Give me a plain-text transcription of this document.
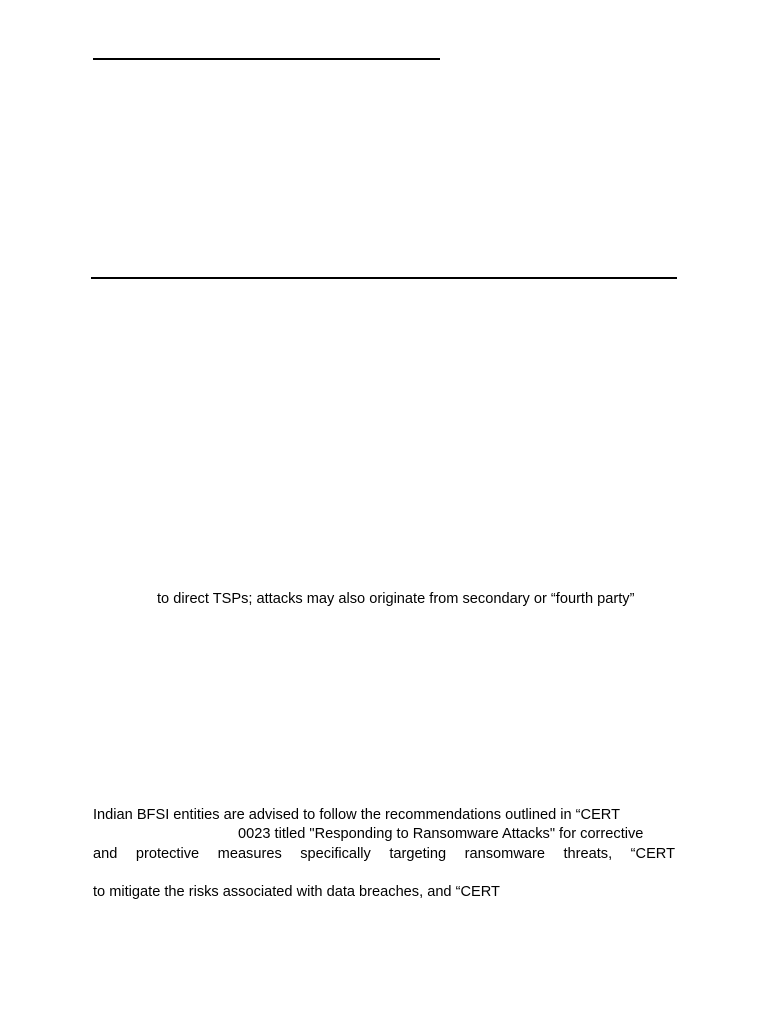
to direct TSPs; attacks may also originate from secondary or “fourth party”
Indian BFSI entities are advised to follow the recommendations outlined in “CERT
0023 titled "Responding to Ransomware Attacks" for corrective
and protective measures specifically targeting ransomware threats, “CERT
to mitigate the risks associated with data breaches, and “CERT
